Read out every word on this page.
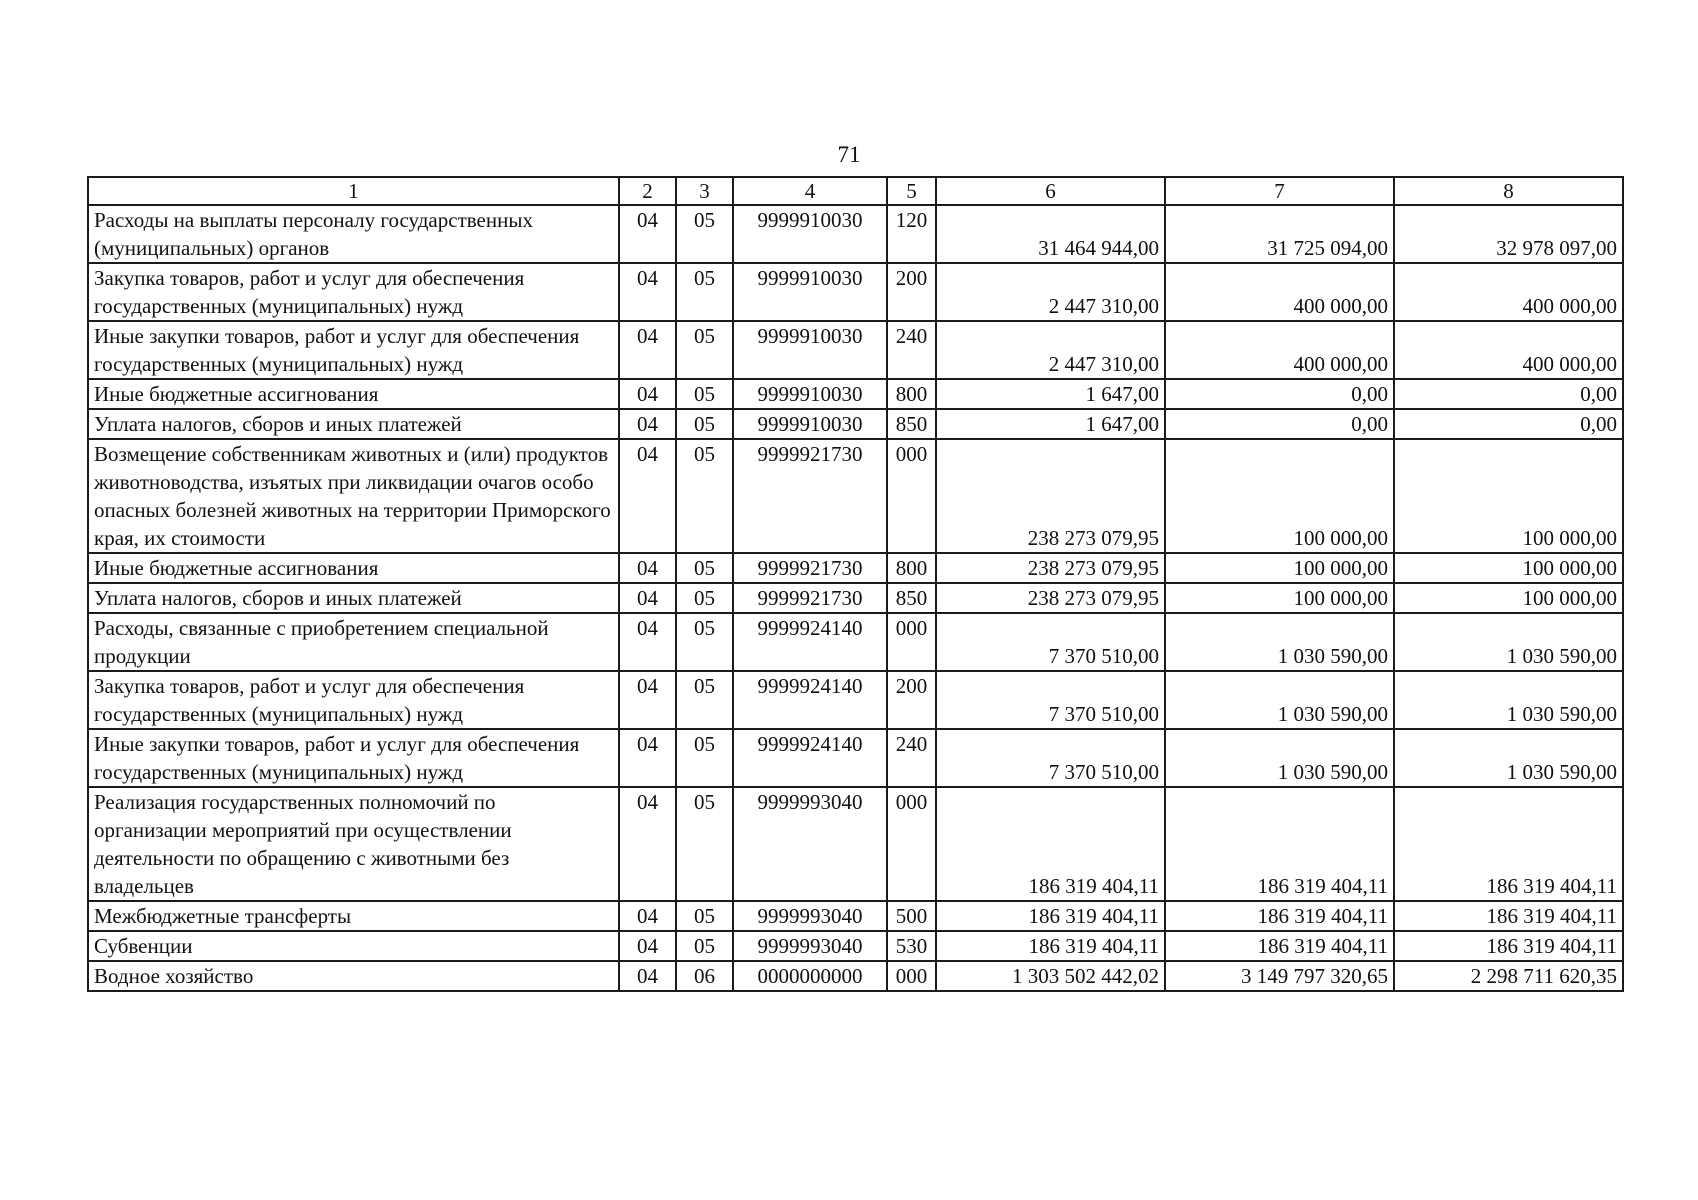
71
1	2	3	4	5	6	7	8
Расходы на выплаты персоналу государственных (муниципальных) органов	04	05	9999910030	120	31 464 944,00	31 725 094,00	32 978 097,00
Закупка товаров, работ и услуг для обеспечения государственных (муниципальных) нужд	04	05	9999910030	200	2 447 310,00	400 000,00	400 000,00
Иные закупки товаров, работ и услуг для обеспечения государственных (муниципальных) нужд	04	05	9999910030	240	2 447 310,00	400 000,00	400 000,00
Иные бюджетные ассигнования	04	05	9999910030	800	1 647,00	0,00	0,00
Уплата налогов, сборов и иных платежей	04	05	9999910030	850	1 647,00	0,00	0,00
Возмещение собственникам животных и (или) продуктов животноводства, изъятых при ликвидации очагов особо опасных болезней животных на территории Приморского края, их стоимости	04	05	9999921730	000	238 273 079,95	100 000,00	100 000,00
Иные бюджетные ассигнования	04	05	9999921730	800	238 273 079,95	100 000,00	100 000,00
Уплата налогов, сборов и иных платежей	04	05	9999921730	850	238 273 079,95	100 000,00	100 000,00
Расходы, связанные с приобретением специальной продукции	04	05	9999924140	000	7 370 510,00	1 030 590,00	1 030 590,00
Закупка товаров, работ и услуг для обеспечения государственных (муниципальных) нужд	04	05	9999924140	200	7 370 510,00	1 030 590,00	1 030 590,00
Иные закупки товаров, работ и услуг для обеспечения государственных (муниципальных) нужд	04	05	9999924140	240	7 370 510,00	1 030 590,00	1 030 590,00
Реализация государственных полномочий по организации мероприятий при осуществлении деятельности по обращению с животными без владельцев	04	05	9999993040	000	186 319 404,11	186 319 404,11	186 319 404,11
Межбюджетные трансферты	04	05	9999993040	500	186 319 404,11	186 319 404,11	186 319 404,11
Субвенции	04	05	9999993040	530	186 319 404,11	186 319 404,11	186 319 404,11
Водное хозяйство	04	06	0000000000	000	1 303 502 442,02	3 149 797 320,65	2 298 711 620,35
